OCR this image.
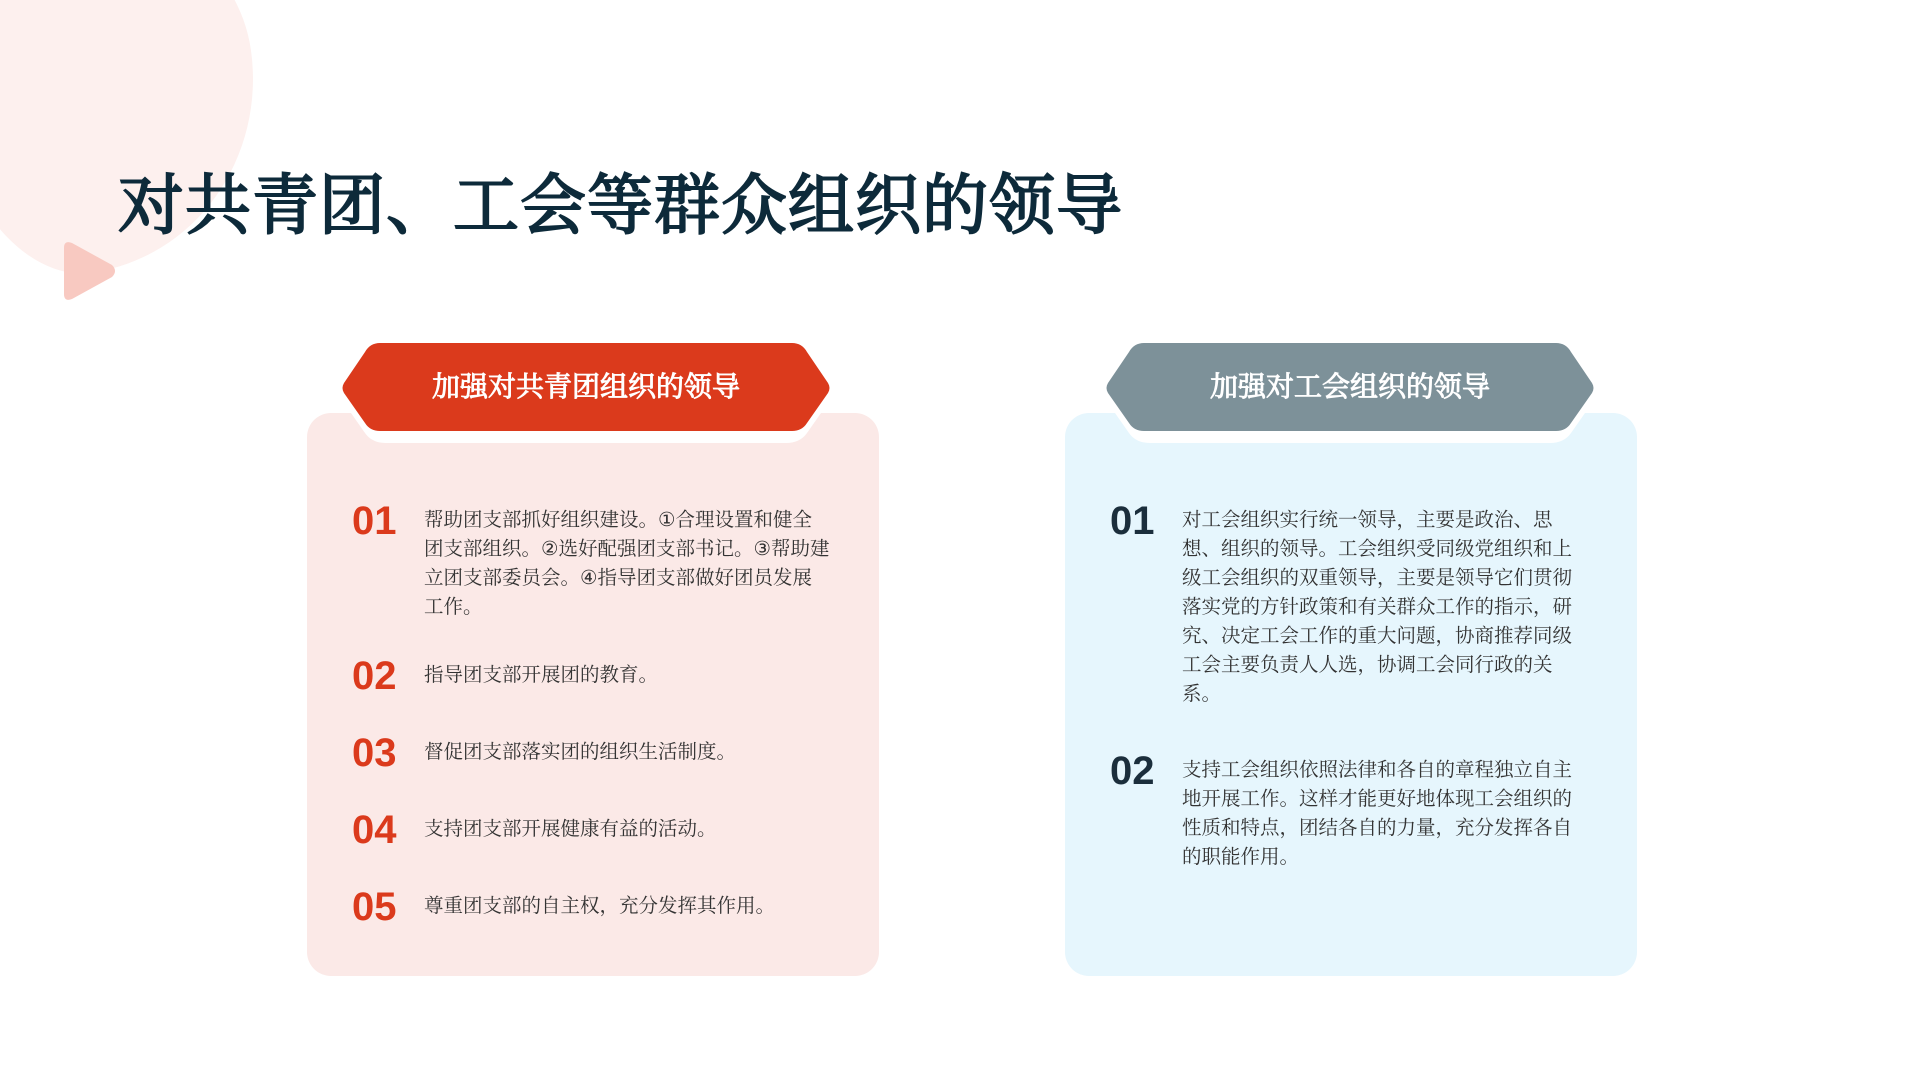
对共青团、工会等群众组织的领导
01 帮助团支部抓好组织建设。①合理设置和健全团支部组织。②选好配强团支部书记。③帮助建立团支部委员会。④指导团支部做好团员发展工作。

02 指导团支部开展团的教育。

03 督促团支部落实团的组织生活制度。

04 支持团支部开展健康有益的活动。

05 尊重团支部的自主权，充分发挥其作用。

加强对共青团组织的领导
01 对工会组织实行统一领导，主要是政治、思想、组织的领导。工会组织受同级党组织和上级工会组织的双重领导，主要是领导它们贯彻落实党的方针政策和有关群众工作的指示，研究、决定工会工作的重大问题，协商推荐同级工会主要负责人人选，协调工会同行政的关系。

02 支持工会组织依照法律和各自的章程独立自主地开展工作。这样才能更好地体现工会组织的性质和特点，团结各自的力量，充分发挥各自的职能作用。

加强对工会组织的领导
